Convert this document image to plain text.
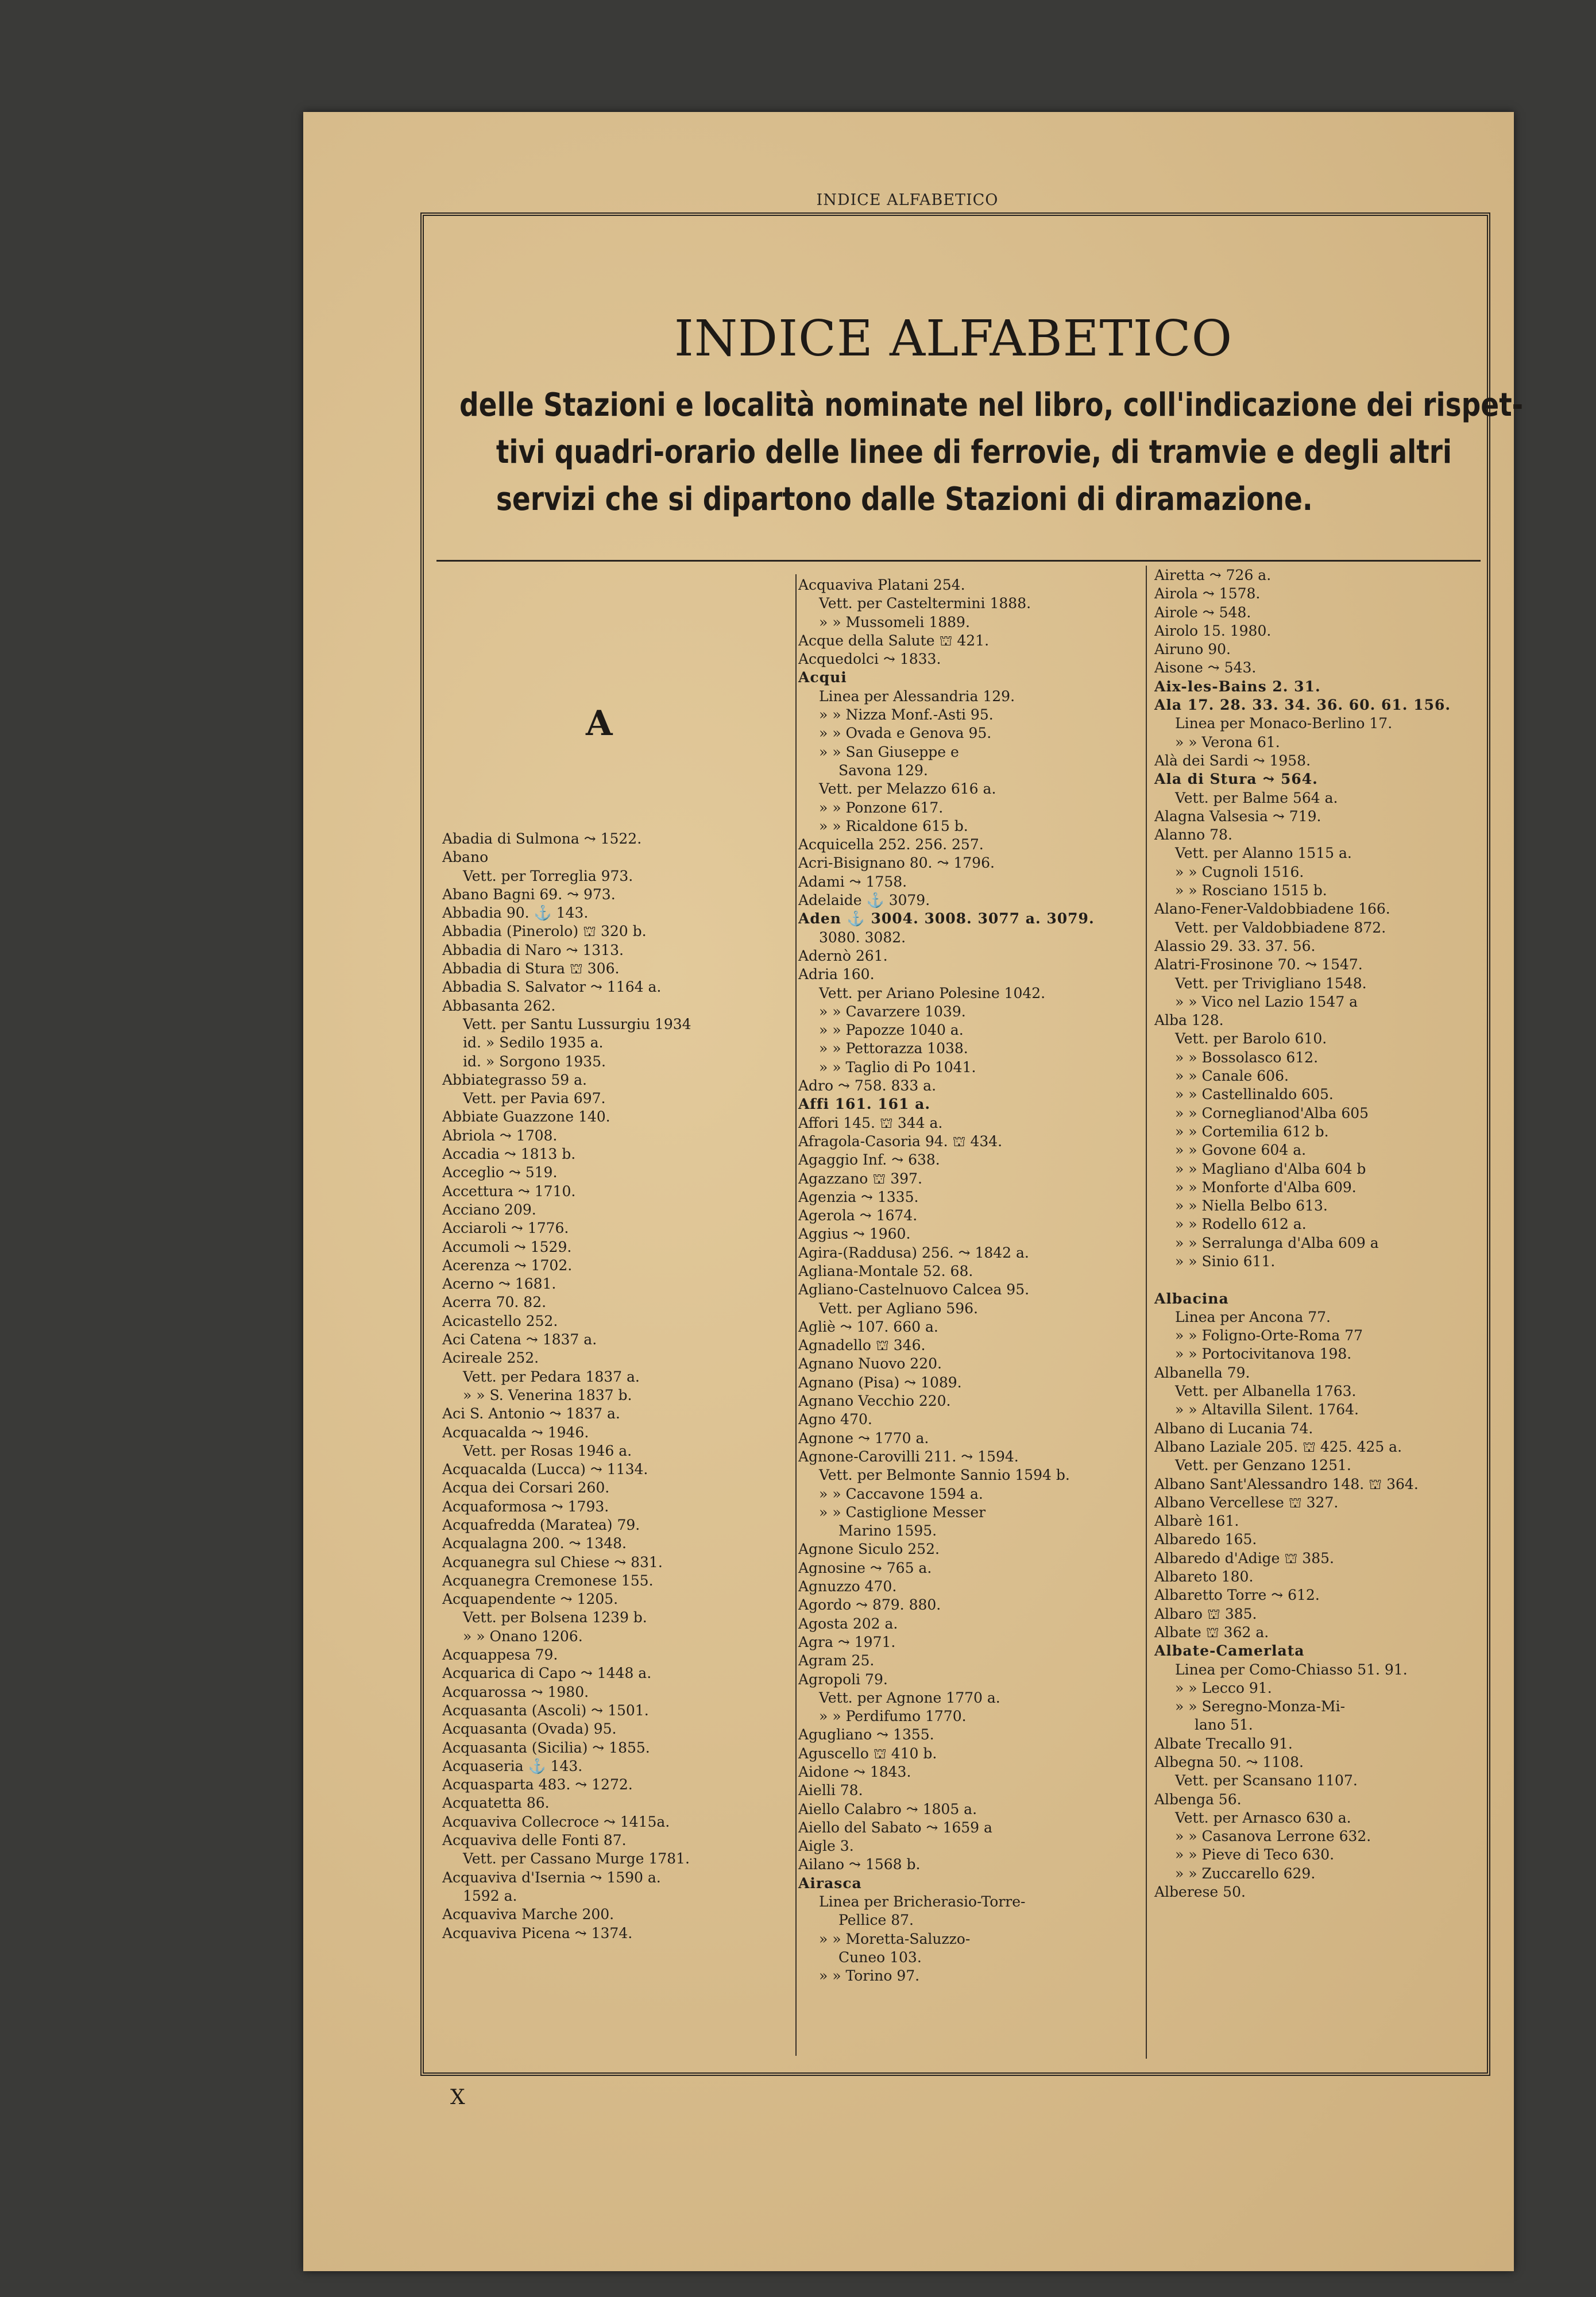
INDICE ALFABETICO
INDICE ALFABETICO
delle Stazioni e località nominate nel libro, coll'indicazione dei rispet-
tivi quadri-orario delle linee di ferrovie, di tramvie e degli altri
servizi che si dipartono dalle Stazioni di diramazione.
A
Abadia di Sulmona ⤳ 1522.
Abano
Vett. per Torreglia 973.
Abano Bagni 69. ⤳ 973.
Abbadia 90. ⚓ 143.
Abbadia (Pinerolo) ⛫ 320 b.
Abbadia di Naro ⤳ 1313.
Abbadia di Stura ⛫ 306.
Abbadia S. Salvator ⤳ 1164 a.
Abbasanta 262.
Vett. per Santu Lussurgiu 1934
id. » Sedilo 1935 a.
id. » Sorgono 1935.
Abbiategrasso 59 a.
Vett. per Pavia 697.
Abbiate Guazzone 140.
Abriola ⤳ 1708.
Accadia ⤳ 1813 b.
Acceglio ⤳ 519.
Accettura ⤳ 1710.
Acciano 209.
Acciaroli ⤳ 1776.
Accumoli ⤳ 1529.
Acerenza ⤳ 1702.
Acerno ⤳ 1681.
Acerra 70. 82.
Acicastello 252.
Aci Catena ⤳ 1837 a.
Acireale 252.
Vett. per Pedara 1837 a.
» » S. Venerina 1837 b.
Aci S. Antonio ⤳ 1837 a.
Acquacalda ⤳ 1946.
Vett. per Rosas 1946 a.
Acquacalda (Lucca) ⤳ 1134.
Acqua dei Corsari 260.
Acquaformosa ⤳ 1793.
Acquafredda (Maratea) 79.
Acqualagna 200. ⤳ 1348.
Acquanegra sul Chiese ⤳ 831.
Acquanegra Cremonese 155.
Acquapendente ⤳ 1205.
Vett. per Bolsena 1239 b.
» » Onano 1206.
Acquappesa 79.
Acquarica di Capo ⤳ 1448 a.
Acquarossa ⤳ 1980.
Acquasanta (Ascoli) ⤳ 1501.
Acquasanta (Ovada) 95.
Acquasanta (Sicilia) ⤳ 1855.
Acquaseria ⚓ 143.
Acquasparta 483. ⤳ 1272.
Acquatetta 86.
Acquaviva Collecroce ⤳ 1415a.
Acquaviva delle Fonti 87.
Vett. per Cassano Murge 1781.
Acquaviva d'Isernia ⤳ 1590 a.
1592 a.
Acquaviva Marche 200.
Acquaviva Picena ⤳ 1374.
Acquaviva Platani 254.
Vett. per Casteltermini 1888.
» » Mussomeli 1889.
Acque della Salute ⛫ 421.
Acquedolci ⤳ 1833.
Acqui
Linea per Alessandria 129.
» » Nizza Monf.-Asti 95.
» » Ovada e Genova 95.
» » San Giuseppe e
Savona 129.
Vett. per Melazzo 616 a.
» » Ponzone 617.
» » Ricaldone 615 b.
Acquicella 252. 256. 257.
Acri-Bisignano 80. ⤳ 1796.
Adami ⤳ 1758.
Adelaide ⚓ 3079.
Aden ⚓ 3004. 3008. 3077 a. 3079.
3080. 3082.
Adernò 261.
Adria 160.
Vett. per Ariano Polesine 1042.
» » Cavarzere 1039.
» » Papozze 1040 a.
» » Pettorazza 1038.
» » Taglio di Po 1041.
Adro ⤳ 758. 833 a.
Affi 161. 161 a.
Affori 145. ⛫ 344 a.
Afragola-Casoria 94. ⛫ 434.
Agaggio Inf. ⤳ 638.
Agazzano ⛫ 397.
Agenzia ⤳ 1335.
Agerola ⤳ 1674.
Aggius ⤳ 1960.
Agira-(Raddusa) 256. ⤳ 1842 a.
Agliana-Montale 52. 68.
Agliano-Castelnuovo Calcea 95.
Vett. per Agliano 596.
Agliè ⤳ 107. 660 a.
Agnadello ⛫ 346.
Agnano Nuovo 220.
Agnano (Pisa) ⤳ 1089.
Agnano Vecchio 220.
Agno 470.
Agnone ⤳ 1770 a.
Agnone-Carovilli 211. ⤳ 1594.
Vett. per Belmonte Sannio 1594 b.
» » Caccavone 1594 a.
» » Castiglione Messer
Marino 1595.
Agnone Siculo 252.
Agnosine ⤳ 765 a.
Agnuzzo 470.
Agordo ⤳ 879. 880.
Agosta 202 a.
Agra ⤳ 1971.
Agram 25.
Agropoli 79.
Vett. per Agnone 1770 a.
» » Perdifumo 1770.
Agugliano ⤳ 1355.
Aguscello ⛫ 410 b.
Aidone ⤳ 1843.
Aielli 78.
Aiello Calabro ⤳ 1805 a.
Aiello del Sabato ⤳ 1659 a
Aigle 3.
Ailano ⤳ 1568 b.
Airasca
Linea per Bricherasio-Torre-
Pellice 87.
» » Moretta-Saluzzo-
Cuneo 103.
» » Torino 97.
Airetta ⤳ 726 a.
Airola ⤳ 1578.
Airole ⤳ 548.
Airolo 15. 1980.
Airuno 90.
Aisone ⤳ 543.
Aix-les-Bains 2. 31.
Ala 17. 28. 33. 34. 36. 60. 61. 156.
Linea per Monaco-Berlino 17.
» » Verona 61.
Alà dei Sardi ⤳ 1958.
Ala di Stura ⤳ 564.
Vett. per Balme 564 a.
Alagna Valsesia ⤳ 719.
Alanno 78.
Vett. per Alanno 1515 a.
» » Cugnoli 1516.
» » Rosciano 1515 b.
Alano-Fener-Valdobbiadene 166.
Vett. per Valdobbiadene 872.
Alassio 29. 33. 37. 56.
Alatri-Frosinone 70. ⤳ 1547.
Vett. per Trivigliano 1548.
» » Vico nel Lazio 1547 a
Alba 128.
Vett. per Barolo 610.
» » Bossolasco 612.
» » Canale 606.
» » Castellinaldo 605.
» » Corneglianod'Alba 605
» » Cortemilia 612 b.
» » Govone 604 a.
» » Magliano d'Alba 604 b
» » Monforte d'Alba 609.
» » Niella Belbo 613.
» » Rodello 612 a.
» » Serralunga d'Alba 609 a
» » Sinio 611.

Albacina
Linea per Ancona 77.
» » Foligno-Orte-Roma 77
» » Portocivitanova 198.
Albanella 79.
Vett. per Albanella 1763.
» » Altavilla Silent. 1764.
Albano di Lucania 74.
Albano Laziale 205. ⛫ 425. 425 a.
Vett. per Genzano 1251.
Albano Sant'Alessandro 148. ⛫ 364.
Albano Vercellese ⛫ 327.
Albarè 161.
Albaredo 165.
Albaredo d'Adige ⛫ 385.
Albareto 180.
Albaretto Torre ⤳ 612.
Albaro ⛫ 385.
Albate ⛫ 362 a.
Albate-Camerlata
Linea per Como-Chiasso 51. 91.
» » Lecco 91.
» » Seregno-Monza-Mi-
lano 51.
Albate Trecallo 91.
Albegna 50. ⤳ 1108.
Vett. per Scansano 1107.
Albenga 56.
Vett. per Arnasco 630 a.
» » Casanova Lerrone 632.
» » Pieve di Teco 630.
» » Zuccarello 629.
Alberese 50.
X
